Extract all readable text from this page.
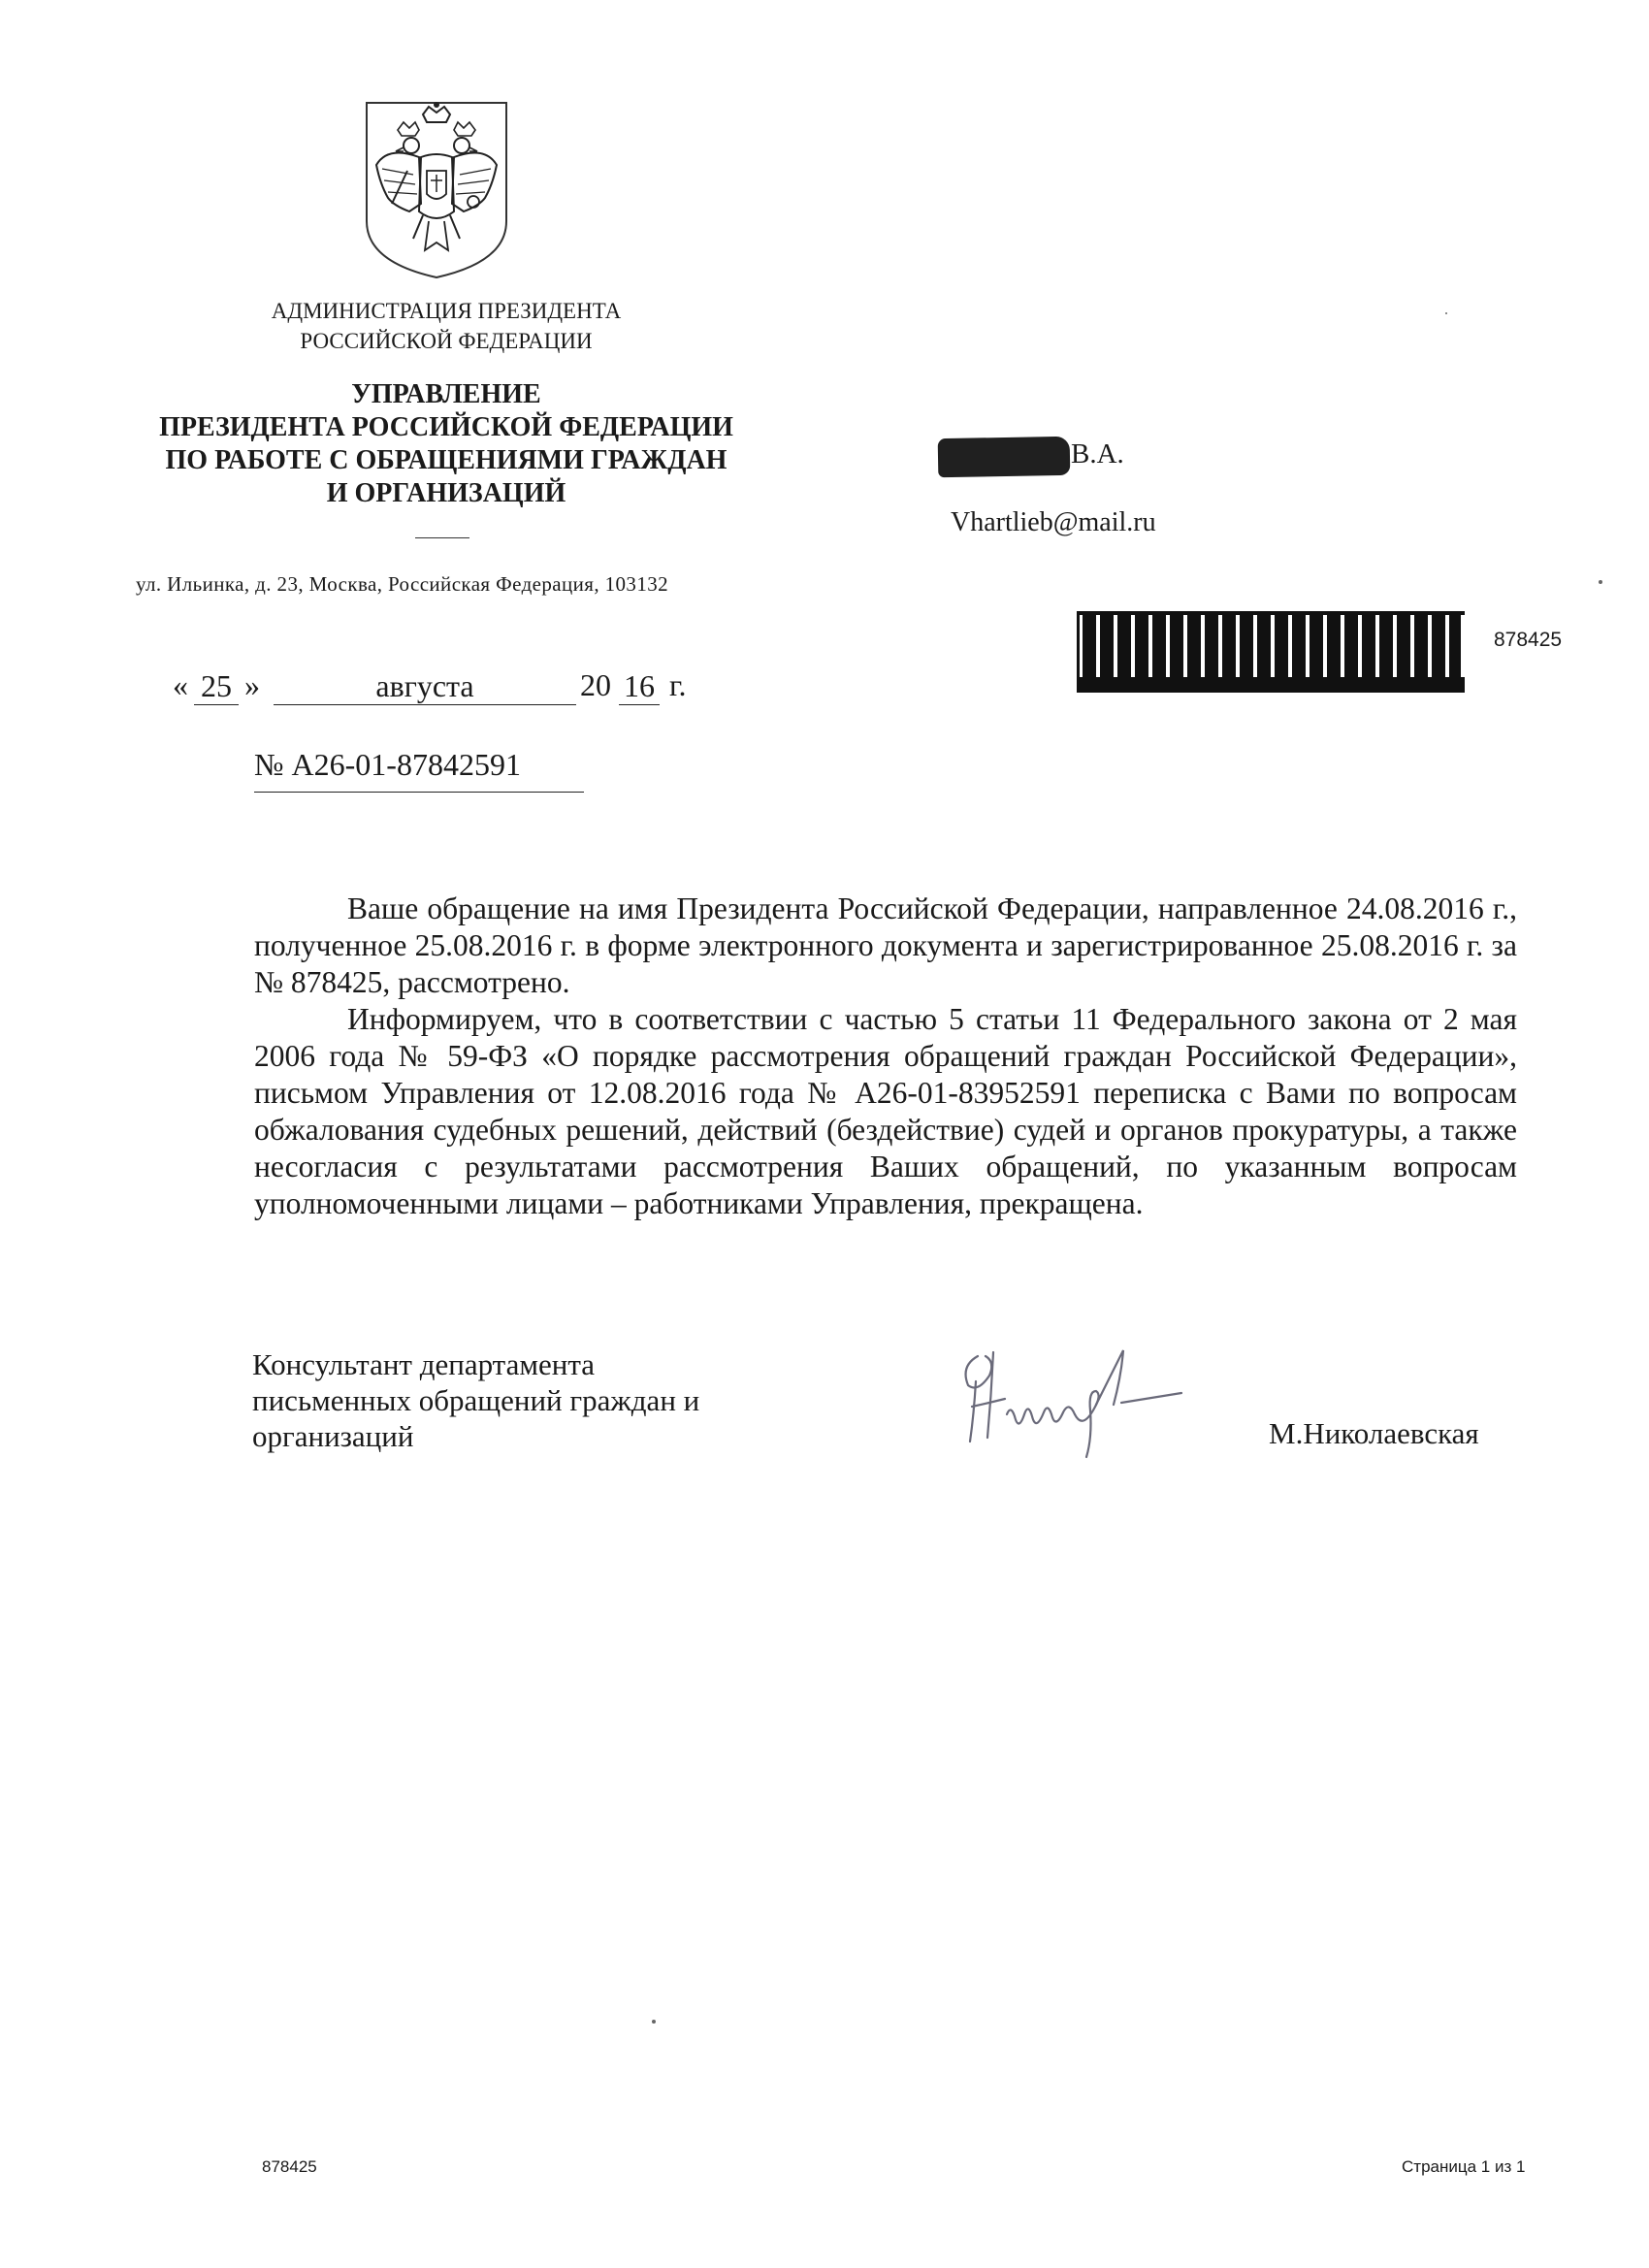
АДМИНИСТРАЦИЯ ПРЕЗИДЕНТА
РОССИЙСКОЙ ФЕДЕРАЦИИ
УПРАВЛЕНИЕ
ПРЕЗИДЕНТА РОССИЙСКОЙ ФЕДЕРАЦИИ
ПО РАБОТЕ С ОБРАЩЕНИЯМИ ГРАЖДАН
И ОРГАНИЗАЦИЙ
ул. Ильинка, д. 23, Москва, Российская Федерация, 103132
« 25 »	августа	20 16 г.
№ А26-01-87842591
В.А.
Vhartlieb@mail.ru
878425

Ваше обращение на имя Президента Российской Федерации, направленное 24.08.2016 г., полученное 25.08.2016 г. в форме электронного документа и зарегистрированное 25.08.2016 г. за № 878425, рассмотрено.

Информируем, что в соответствии с частью 5 статьи 11 Федерального закона от 2 мая 2006 года № 59-ФЗ «О порядке рассмотрения обращений граждан Российской Федерации», письмом Управления от 12.08.2016 года № А26-01-83952591 переписка с Вами по вопросам обжалования судебных решений, действий (бездействие) судей и органов прокуратуры, а также несогласия с результатами рассмотрения Ваших обращений, по указанным вопросам уполномоченными лицами – работниками Управления, прекращена.

Консультант департамента
письменных обращений граждан и
организаций	М.Николаевская
878425	Страница 1 из 1
